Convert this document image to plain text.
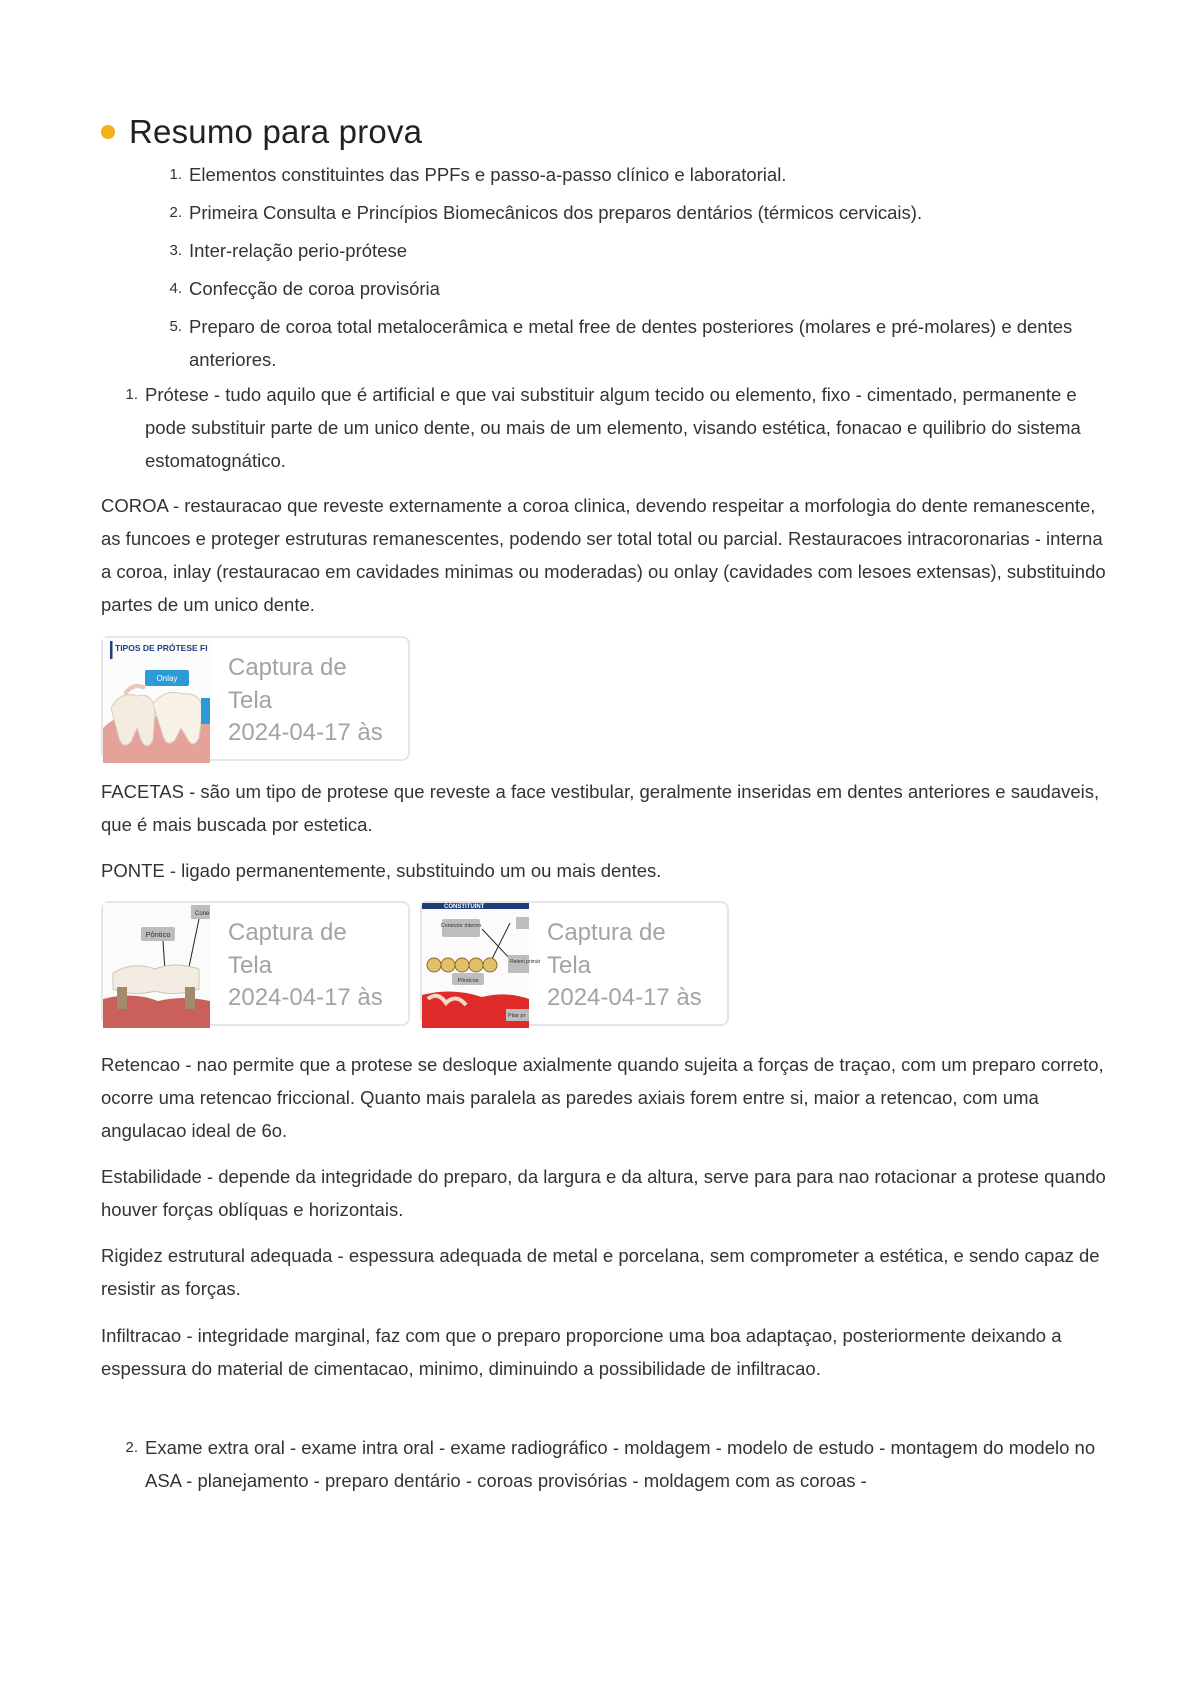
Resumo para prova
1. Elementos constituintes das PPFs e passo-a-passo clínico e laboratorial.
2. Primeira Consulta e Princípios Biomecânicos dos preparos dentários (térmicos cervicais).
3. Inter-relação perio-prótese
4. Confecção de coroa provisória
5. Preparo de coroa total metalocerâmica e metal free de dentes posteriores (molares e pré-molares) e dentes anteriores.
1. Prótese - tudo aquilo que é artificial e que vai substituir algum tecido ou elemento, fixo - cimentado, permanente e pode substituir parte de um unico dente, ou mais de um elemento, visando estética, fonacao e quilibrio do sistema estomatognático.

COROA - restauracao que reveste externamente a coroa clinica, devendo respeitar a morfologia do dente remanescente, as funcoes e proteger estruturas remanescentes, podendo ser total total ou parcial. Restauracoes intracoronarias - interna a coroa, inlay (restauracao em cavidades minimas ou moderadas) ou onlay (cavidades com lesoes extensas), substituindo partes de um unico dente.

TIPOS DE PRÓTESE FI
Onlay Captura de
Tela
2024-04-17 às

FACETAS - são um tipo de protese que reveste a face vestibular, geralmente inseridas em dentes anteriores e saudaveis, que é mais buscada por estetica.

PONTE - ligado permanentemente, substituindo um ou mais dentes.

Pôntico
Cone
Captura de
Tela
2024-04-17 às
CONSTITUINT
Conector interno
Retent primár
Pônticos
Pilar pr
Captura de
Tela
2024-04-17 às

Retencao - nao permite que a protese se desloque axialmente quando sujeita a forças de traçao, com um preparo correto, ocorre uma retencao friccional. Quanto mais paralela as paredes axiais forem entre si, maior a retencao, com uma angulacao ideal de 6o.

Estabilidade - depende da integridade do preparo, da largura e da altura, serve para para nao rotacionar a protese quando houver forças oblíquas e horizontais.

Rigidez estrutural adequada - espessura adequada de metal e porcelana, sem comprometer a estética, e sendo capaz de resistir as forças.

Infiltracao - integridade marginal, faz com que o preparo proporcione uma boa adaptaçao, posteriormente deixando a espessura do material de cimentacao, minimo, diminuindo a possibilidade de infiltracao.

2. Exame extra oral - exame intra oral - exame radiográfico - moldagem - modelo de estudo - montagem do modelo no ASA - planejamento - preparo dentário - coroas provisórias - moldagem com as coroas -
